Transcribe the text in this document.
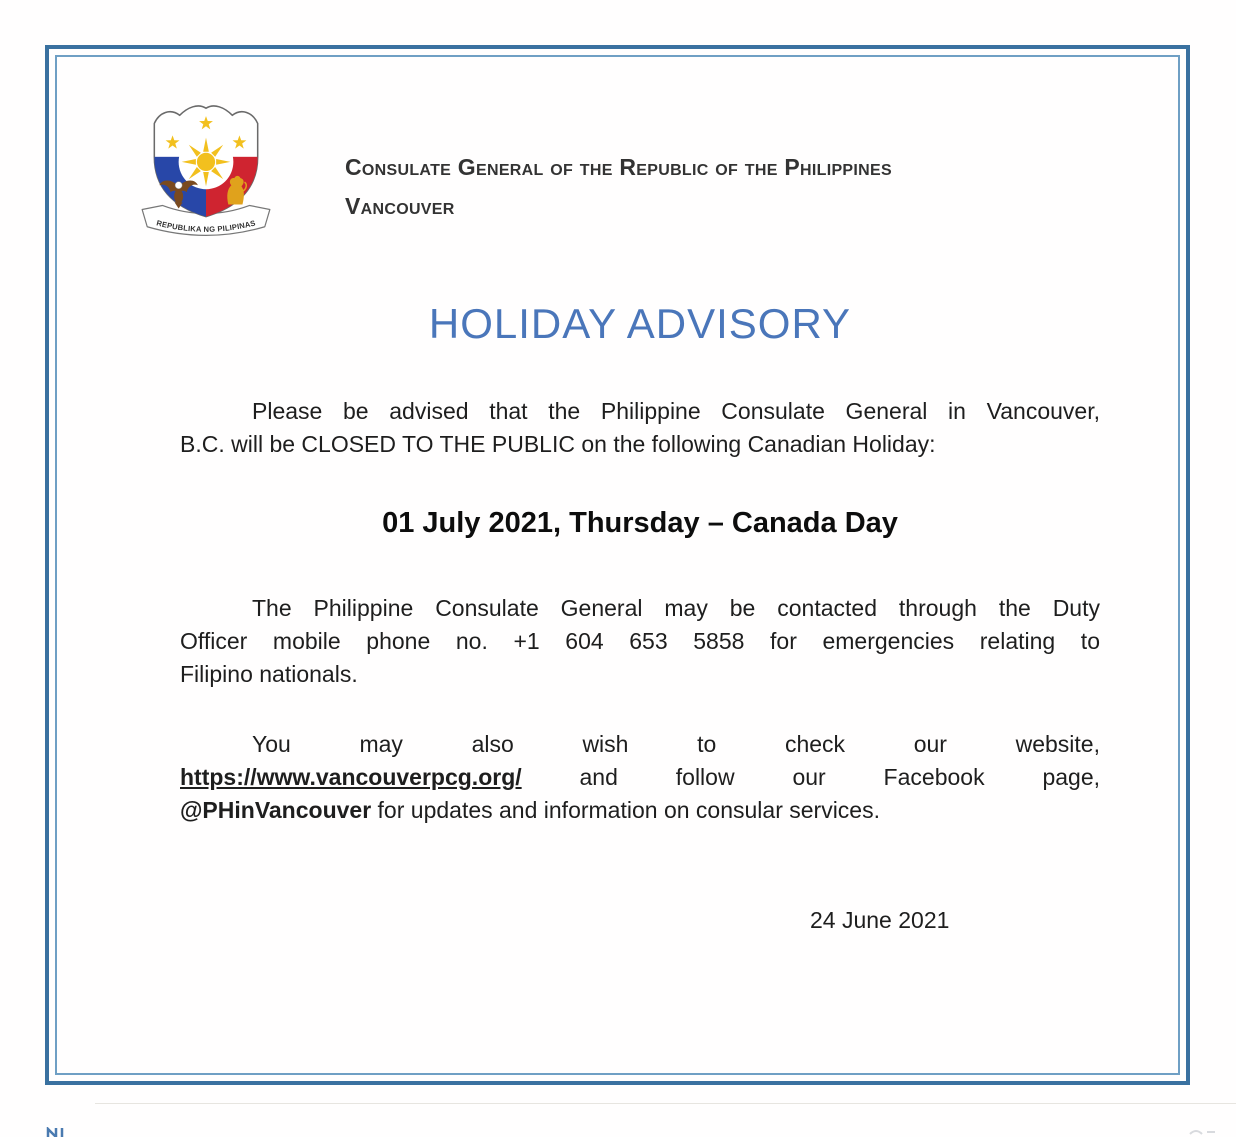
REPUBLIKA NG PILIPINAS
Consulate General of the Republic of the Philippines
Vancouver
HOLIDAY ADVISORY
Please be advised that the Philippine Consulate General in Vancouver,
B.C. will be CLOSED TO THE PUBLIC on the following Canadian Holiday:
01 July 2021, Thursday – Canada Day
The Philippine Consulate General may be contacted through the Duty
Officer mobile phone no. +1 604 653 5858 for emergencies relating to
Filipino nationals.
You may also wish to check our website,
https://www.vancouverpcg.org/	and follow our Facebook page,
@PHinVancouver for updates and information on consular services.
24 June 2021
